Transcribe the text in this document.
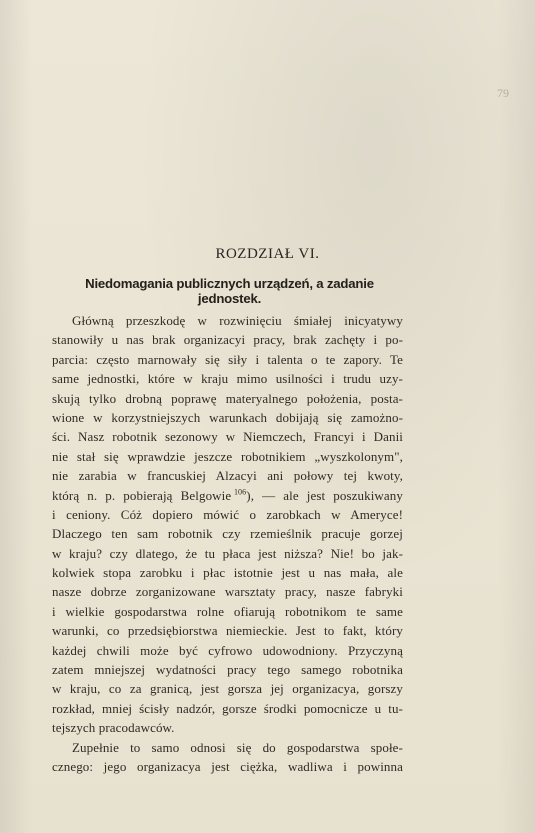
79
ROZDZIAŁ VI.
Niedomagania publicznych urządzeń, a zadanie jednostek.
Główną przeszkodę w rozwinięciu śmiałej inicyatywy
stanowiły u nas brak organizacyi pracy, brak zachęty i po-
parcia: często marnowały się siły i talenta o te zapory. Te
same jednostki, które w kraju mimo usilności i trudu uzy-
skują tylko drobną poprawę materyalnego położenia, posta-
wione w korzystniejszych warunkach dobijają się zamożno-
ści. Nasz robotnik sezonowy w Niemczech, Francyi i Danii
nie stał się wprawdzie jeszcze robotnikiem „wyszkolonym",
nie zarabia w francuskiej Alzacyi ani połowy tej kwoty,
którą n. p. pobierają Belgowie  $^{106}$), — ale jest poszukiwany
i ceniony. Cóż dopiero mówić o zarobkach w Ameryce!
Dlaczego ten sam robotnik czy rzemieślnik pracuje gorzej
w kraju? czy dlatego, że tu płaca jest niższa? Nie! bo jak-
kolwiek stopa zarobku i płac istotnie jest u nas mała, ale
nasze dobrze zorganizowane warsztaty pracy, nasze fabryki
i wielkie gospodarstwa rolne ofiarują robotnikom te same
warunki, co przedsiębiorstwa niemieckie. Jest to fakt, który
każdej chwili może być cyfrowo udowodniony. Przyczyną
zatem mniejszej wydatności pracy tego samego robotnika
w kraju, co za granicą, jest gorsza jej organizacya, gorszy
rozkład, mniej ścisły nadzór, gorsze środki pomocnicze u tu-
tejszych pracodawców.
Zupełnie to samo odnosi się do gospodarstwa społe-
cznego: jego organizacya jest ciężka, wadliwa i powinna
